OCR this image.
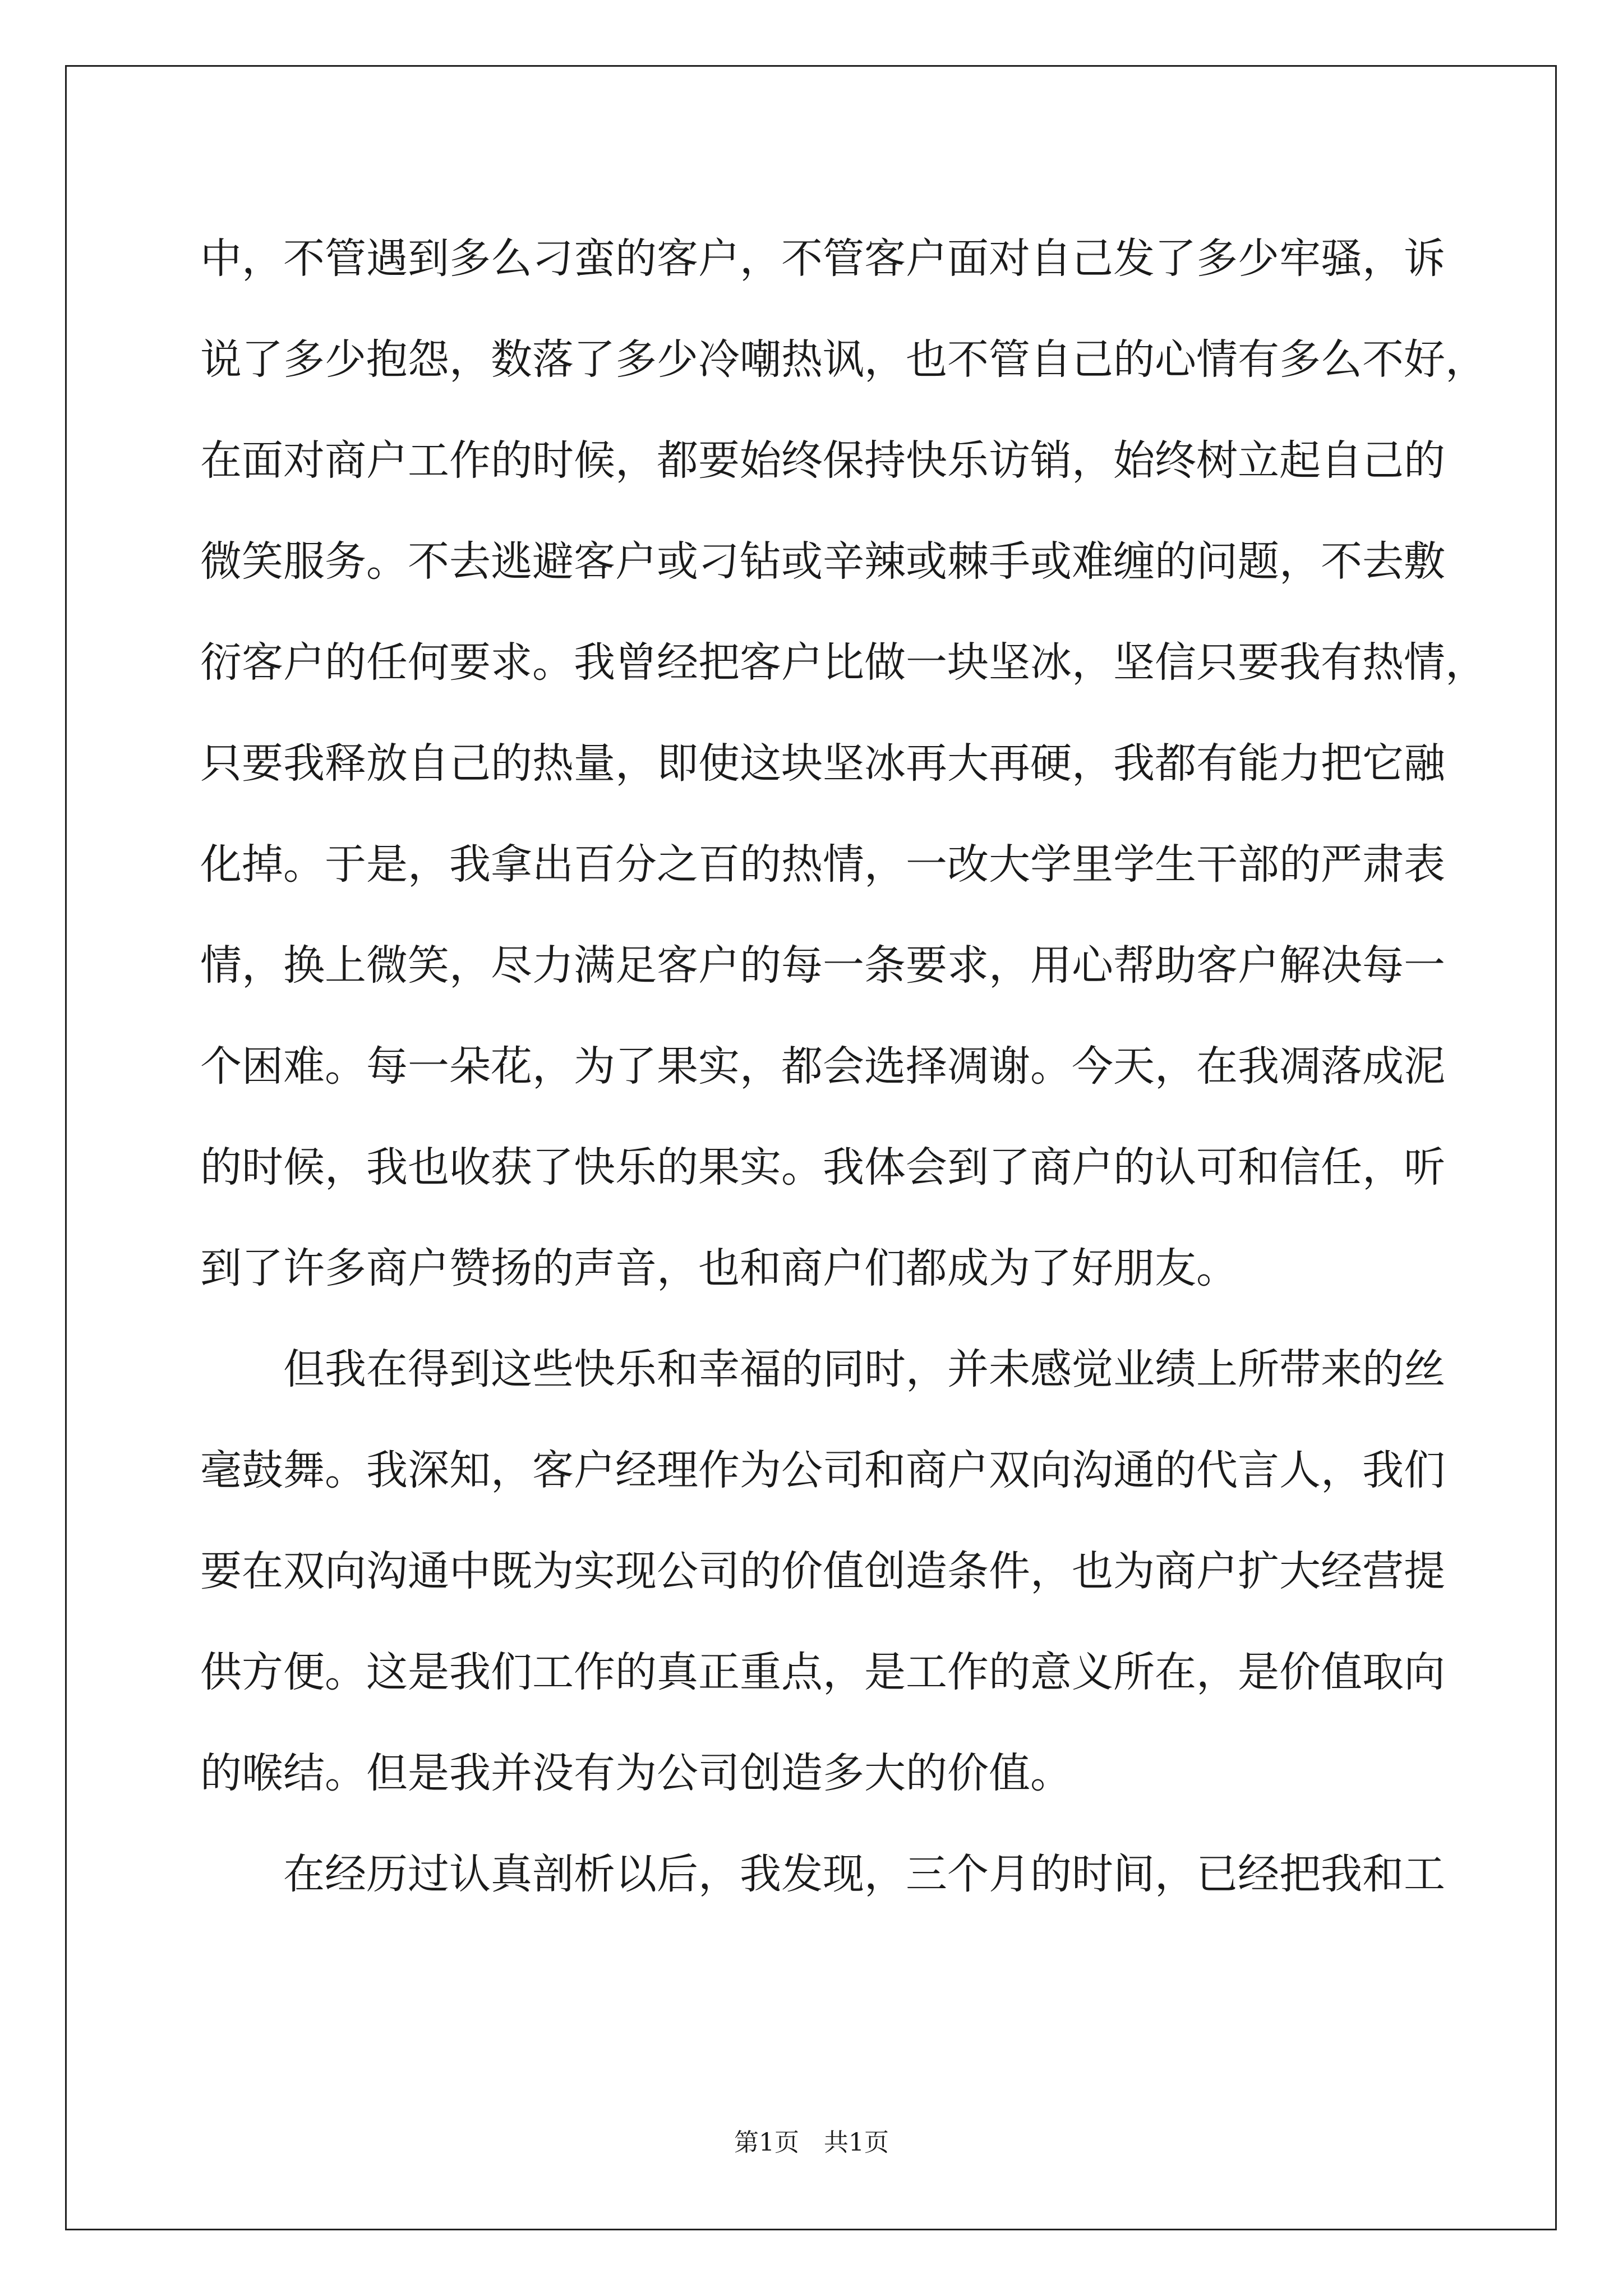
中，不管遇到多么刁蛮的客户，不管客户面对自己发了多少牢骚，诉

说了多少抱怨，数落了多少冷嘲热讽，也不管自己的心情有多么不好，

在面对商户工作的时候，都要始终保持快乐访销，始终树立起自己的

微笑服务。不去逃避客户或刁钻或辛辣或棘手或难缠的问题，不去敷

衍客户的任何要求。我曾经把客户比做一块坚冰，坚信只要我有热情，

只要我释放自己的热量，即使这块坚冰再大再硬，我都有能力把它融

化掉。于是，我拿出百分之百的热情，一改大学里学生干部的严肃表

情，换上微笑，尽力满足客户的每一条要求，用心帮助客户解决每一

个困难。每一朵花，为了果实，都会选择凋谢。今天，在我凋落成泥

的时候，我也收获了快乐的果实。我体会到了商户的认可和信任，听

到了许多商户赞扬的声音，也和商户们都成为了好朋友。

但我在得到这些快乐和幸福的同时，并未感觉业绩上所带来的丝

毫鼓舞。我深知，客户经理作为公司和商户双向沟通的代言人，我们

要在双向沟通中既为实现公司的价值创造条件，也为商户扩大经营提

供方便。这是我们工作的真正重点，是工作的意义所在，是价值取向

的喉结。但是我并没有为公司创造多大的价值。

在经历过认真剖析以后，我发现，三个月的时间，已经把我和工

第1页　共1页
